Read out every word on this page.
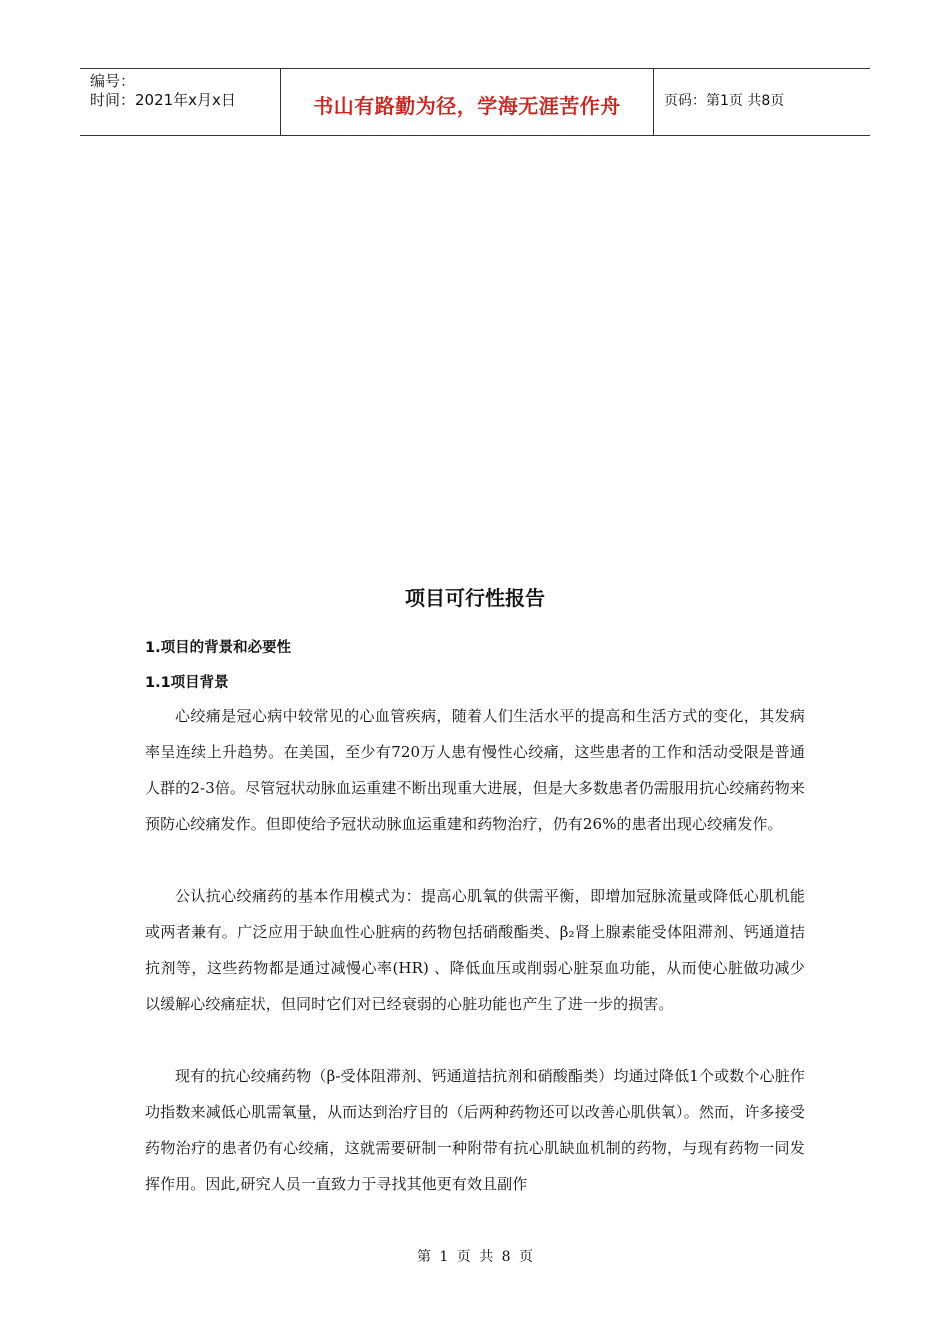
编号：
时间：2021年x月x日	书山有路勤为径，学海无涯苦作舟	页码：第1页 共8页
项目可行性报告
1.项目的背景和必要性
1.1项目背景

心绞痛是冠心病中较常见的心血管疾病，随着人们生活水平的提高和生活方式的变化，其发病率呈连续上升趋势。在美国，至少有720万人患有慢性心绞痛，这些患者的工作和活动受限是普通人群的2-3倍。尽管冠状动脉血运重建不断出现重大进展，但是大多数患者仍需服用抗心绞痛药物来预防心绞痛发作。但即使给予冠状动脉血运重建和药物治疗，仍有26%的患者出现心绞痛发作。

公认抗心绞痛药的基本作用模式为：提高心肌氧的供需平衡，即增加冠脉流量或降低心肌机能或两者兼有。广泛应用于缺血性心脏病的药物包括硝酸酯类、β₂肾上腺素能受体阻滞剂、钙通道拮抗剂等，这些药物都是通过减慢心率(HR) 、降低血压或削弱心脏泵血功能，从而使心脏做功减少以缓解心绞痛症状，但同时它们对已经衰弱的心脏功能也产生了进一步的损害。

现有的抗心绞痛药物（β-受体阻滞剂、钙通道拮抗剂和硝酸酯类）均通过降低1个或数个心脏作功指数来减低心肌需氧量，从而达到治疗目的（后两种药物还可以改善心肌供氧）。然而，许多接受药物治疗的患者仍有心绞痛，这就需要研制一种附带有抗心肌缺血机制的药物，与现有药物一同发挥作用。因此,研究人员一直致力于寻找其他更有效且副作

第 1 页 共 8 页
